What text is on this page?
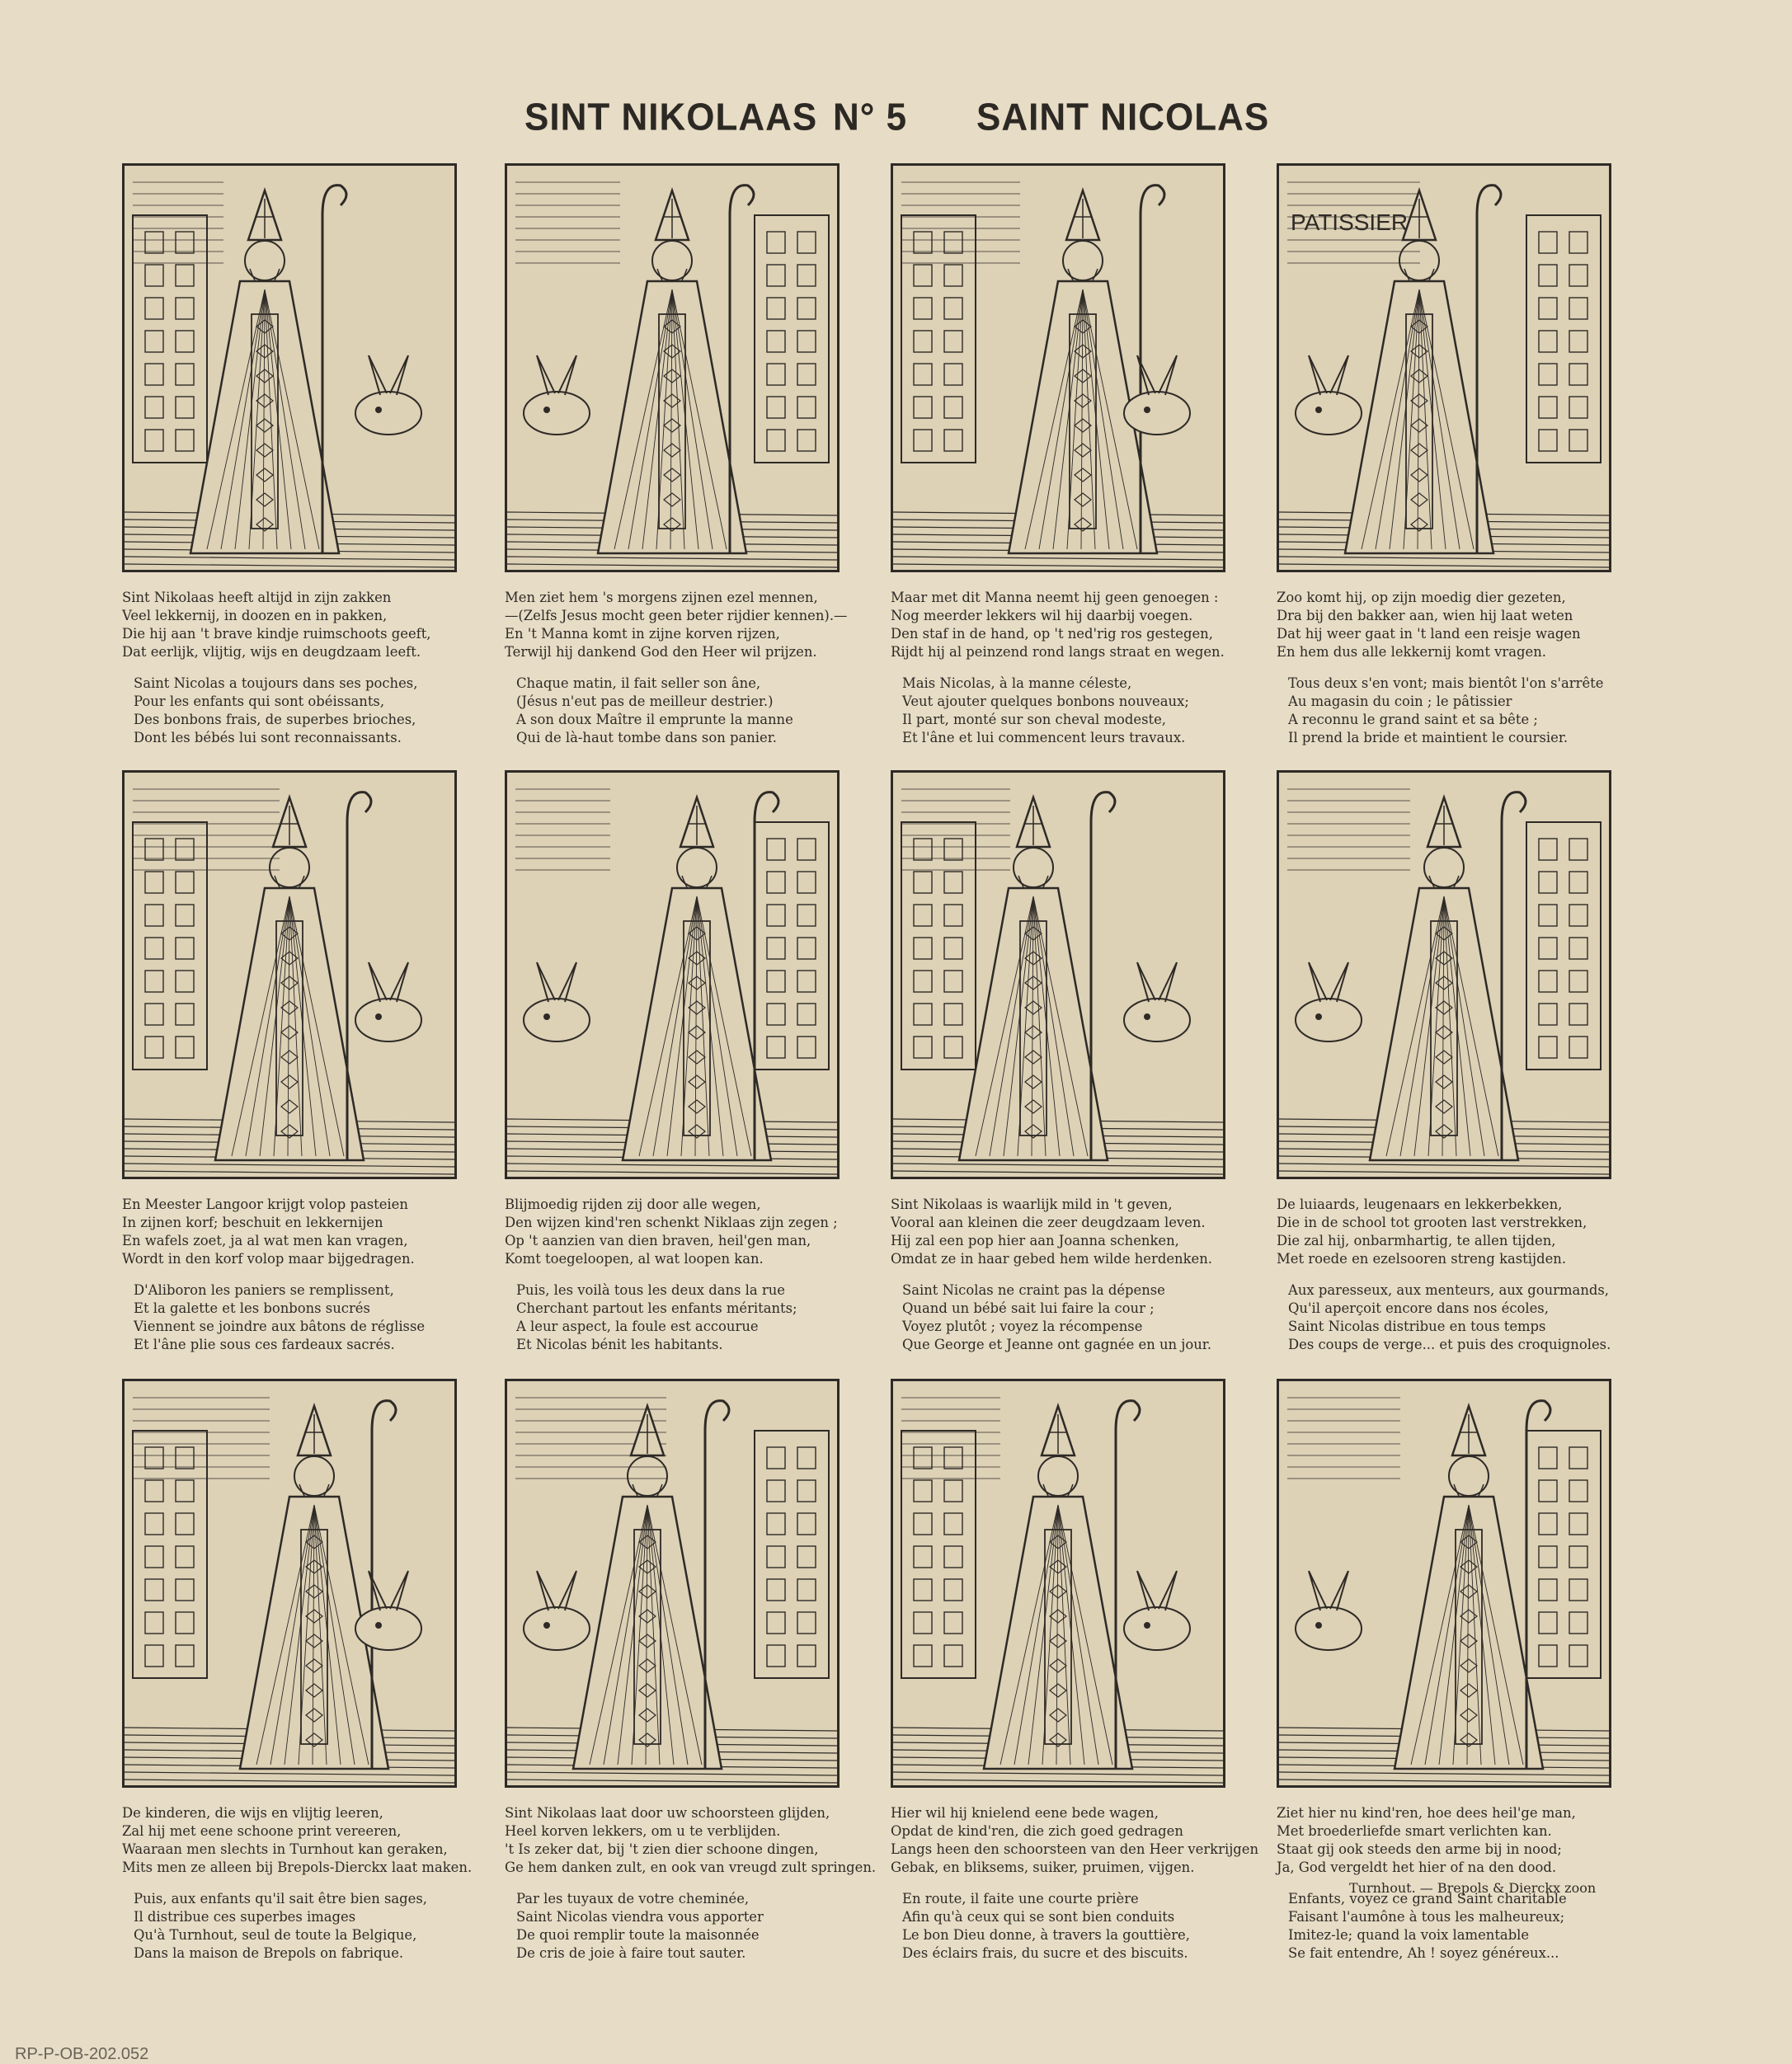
SINT NIKOLAAS N° 5 SAINT NICOLAS
Sint Nikolaas heeft altijd in zijn zakken
Veel lekkernij, in doozen en in pakken,
Die hij aan 't brave kindje ruimschoots geeft,
Dat eerlijk, vlijtig, wijs en deugdzaam leeft.
Saint Nicolas a toujours dans ses poches,
Pour les enfants qui sont obéissants,
Des bonbons frais, de superbes brioches,
Dont les bébés lui sont reconnaissants.
Men ziet hem 's morgens zijnen ezel mennen,
—(Zelfs Jesus mocht geen beter rijdier kennen).—
En 't Manna komt in zijne korven rijzen,
Terwijl hij dankend God den Heer wil prijzen.
Chaque matin, il fait seller son âne,
(Jésus n'eut pas de meilleur destrier.)
A son doux Maître il emprunte la manne
Qui de là-haut tombe dans son panier.
Maar met dit Manna neemt hij geen genoegen :
Nog meerder lekkers wil hij daarbij voegen.
Den staf in de hand, op 't ned'rig ros gestegen,
Rijdt hij al peinzend rond langs straat en wegen.
Mais Nicolas, à la manne céleste,
Veut ajouter quelques bonbons nouveaux;
Il part, monté sur son cheval modeste,
Et l'âne et lui commencent leurs travaux.
PATISSIER
Zoo komt hij, op zijn moedig dier gezeten,
Dra bij den bakker aan, wien hij laat weten
Dat hij weer gaat in 't land een reisje wagen
En hem dus alle lekkernij komt vragen.
Tous deux s'en vont; mais bientôt l'on s'arrête
Au magasin du coin ; le pâtissier
A reconnu le grand saint et sa bête ;
Il prend la bride et maintient le coursier.
En Meester Langoor krijgt volop pasteien
In zijnen korf; beschuit en lekkernijen
En wafels zoet, ja al wat men kan vragen,
Wordt in den korf volop maar bijgedragen.
D'Aliboron les paniers se remplissent,
Et la galette et les bonbons sucrés
Viennent se joindre aux bâtons de réglisse
Et l'âne plie sous ces fardeaux sacrés.
Blijmoedig rijden zij door alle wegen,
Den wijzen kind'ren schenkt Niklaas zijn zegen ;
Op 't aanzien van dien braven, heil'gen man,
Komt toegeloopen, al wat loopen kan.
Puis, les voilà tous les deux dans la rue
Cherchant partout les enfants méritants;
A leur aspect, la foule est accourue
Et Nicolas bénit les habitants.
Sint Nikolaas is waarlijk mild in 't geven,
Vooral aan kleinen die zeer deugdzaam leven.
Hij zal een pop hier aan Joanna schenken,
Omdat ze in haar gebed hem wilde herdenken.
Saint Nicolas ne craint pas la dépense
Quand un bébé sait lui faire la cour ;
Voyez plutôt ; voyez la récompense
Que George et Jeanne ont gagnée en un jour.
De luiaards, leugenaars en lekkerbekken,
Die in de school tot grooten last verstrekken,
Die zal hij, onbarmhartig, te allen tijden,
Met roede en ezelsooren streng kastijden.
Aux paresseux, aux menteurs, aux gourmands,
Qu'il aperçoit encore dans nos écoles,
Saint Nicolas distribue en tous temps
Des coups de verge... et puis des croquignoles.
De kinderen, die wijs en vlijtig leeren,
Zal hij met eene schoone print vereeren,
Waaraan men slechts in Turnhout kan geraken,
Mits men ze alleen bij Brepols-Dierckx laat maken.
Puis, aux enfants qu'il sait être bien sages,
Il distribue ces superbes images
Qu'à Turnhout, seul de toute la Belgique,
Dans la maison de Brepols on fabrique.
Sint Nikolaas laat door uw schoorsteen glijden,
Heel korven lekkers, om u te verblijden.
't Is zeker dat, bij 't zien dier schoone dingen,
Ge hem danken zult, en ook van vreugd zult springen.
Par les tuyaux de votre cheminée,
Saint Nicolas viendra vous apporter
De quoi remplir toute la maisonnée
De cris de joie à faire tout sauter.
Hier wil hij knielend eene bede wagen,
Opdat de kind'ren, die zich goed gedragen
Langs heen den schoorsteen van den Heer verkrijgen
Gebak, en bliksems, suiker, pruimen, vijgen.
En route, il faite une courte prière
Afin qu'à ceux qui se sont bien conduits
Le bon Dieu donne, à travers la gouttière,
Des éclairs frais, du sucre et des biscuits.
Ziet hier nu kind'ren, hoe dees heil'ge man,
Met broederliefde smart verlichten kan.
Staat gij ook steeds den arme bij in nood;
Ja, God vergeldt het hier of na den dood.
Enfants, voyez ce grand Saint charitable
Faisant l'aumône à tous les malheureux;
Imitez-le; quand la voix lamentable
Se fait entendre, Ah ! soyez généreux...
Turnhout. — Brepols & Dierckx zoon
RP-P-OB-202.052
